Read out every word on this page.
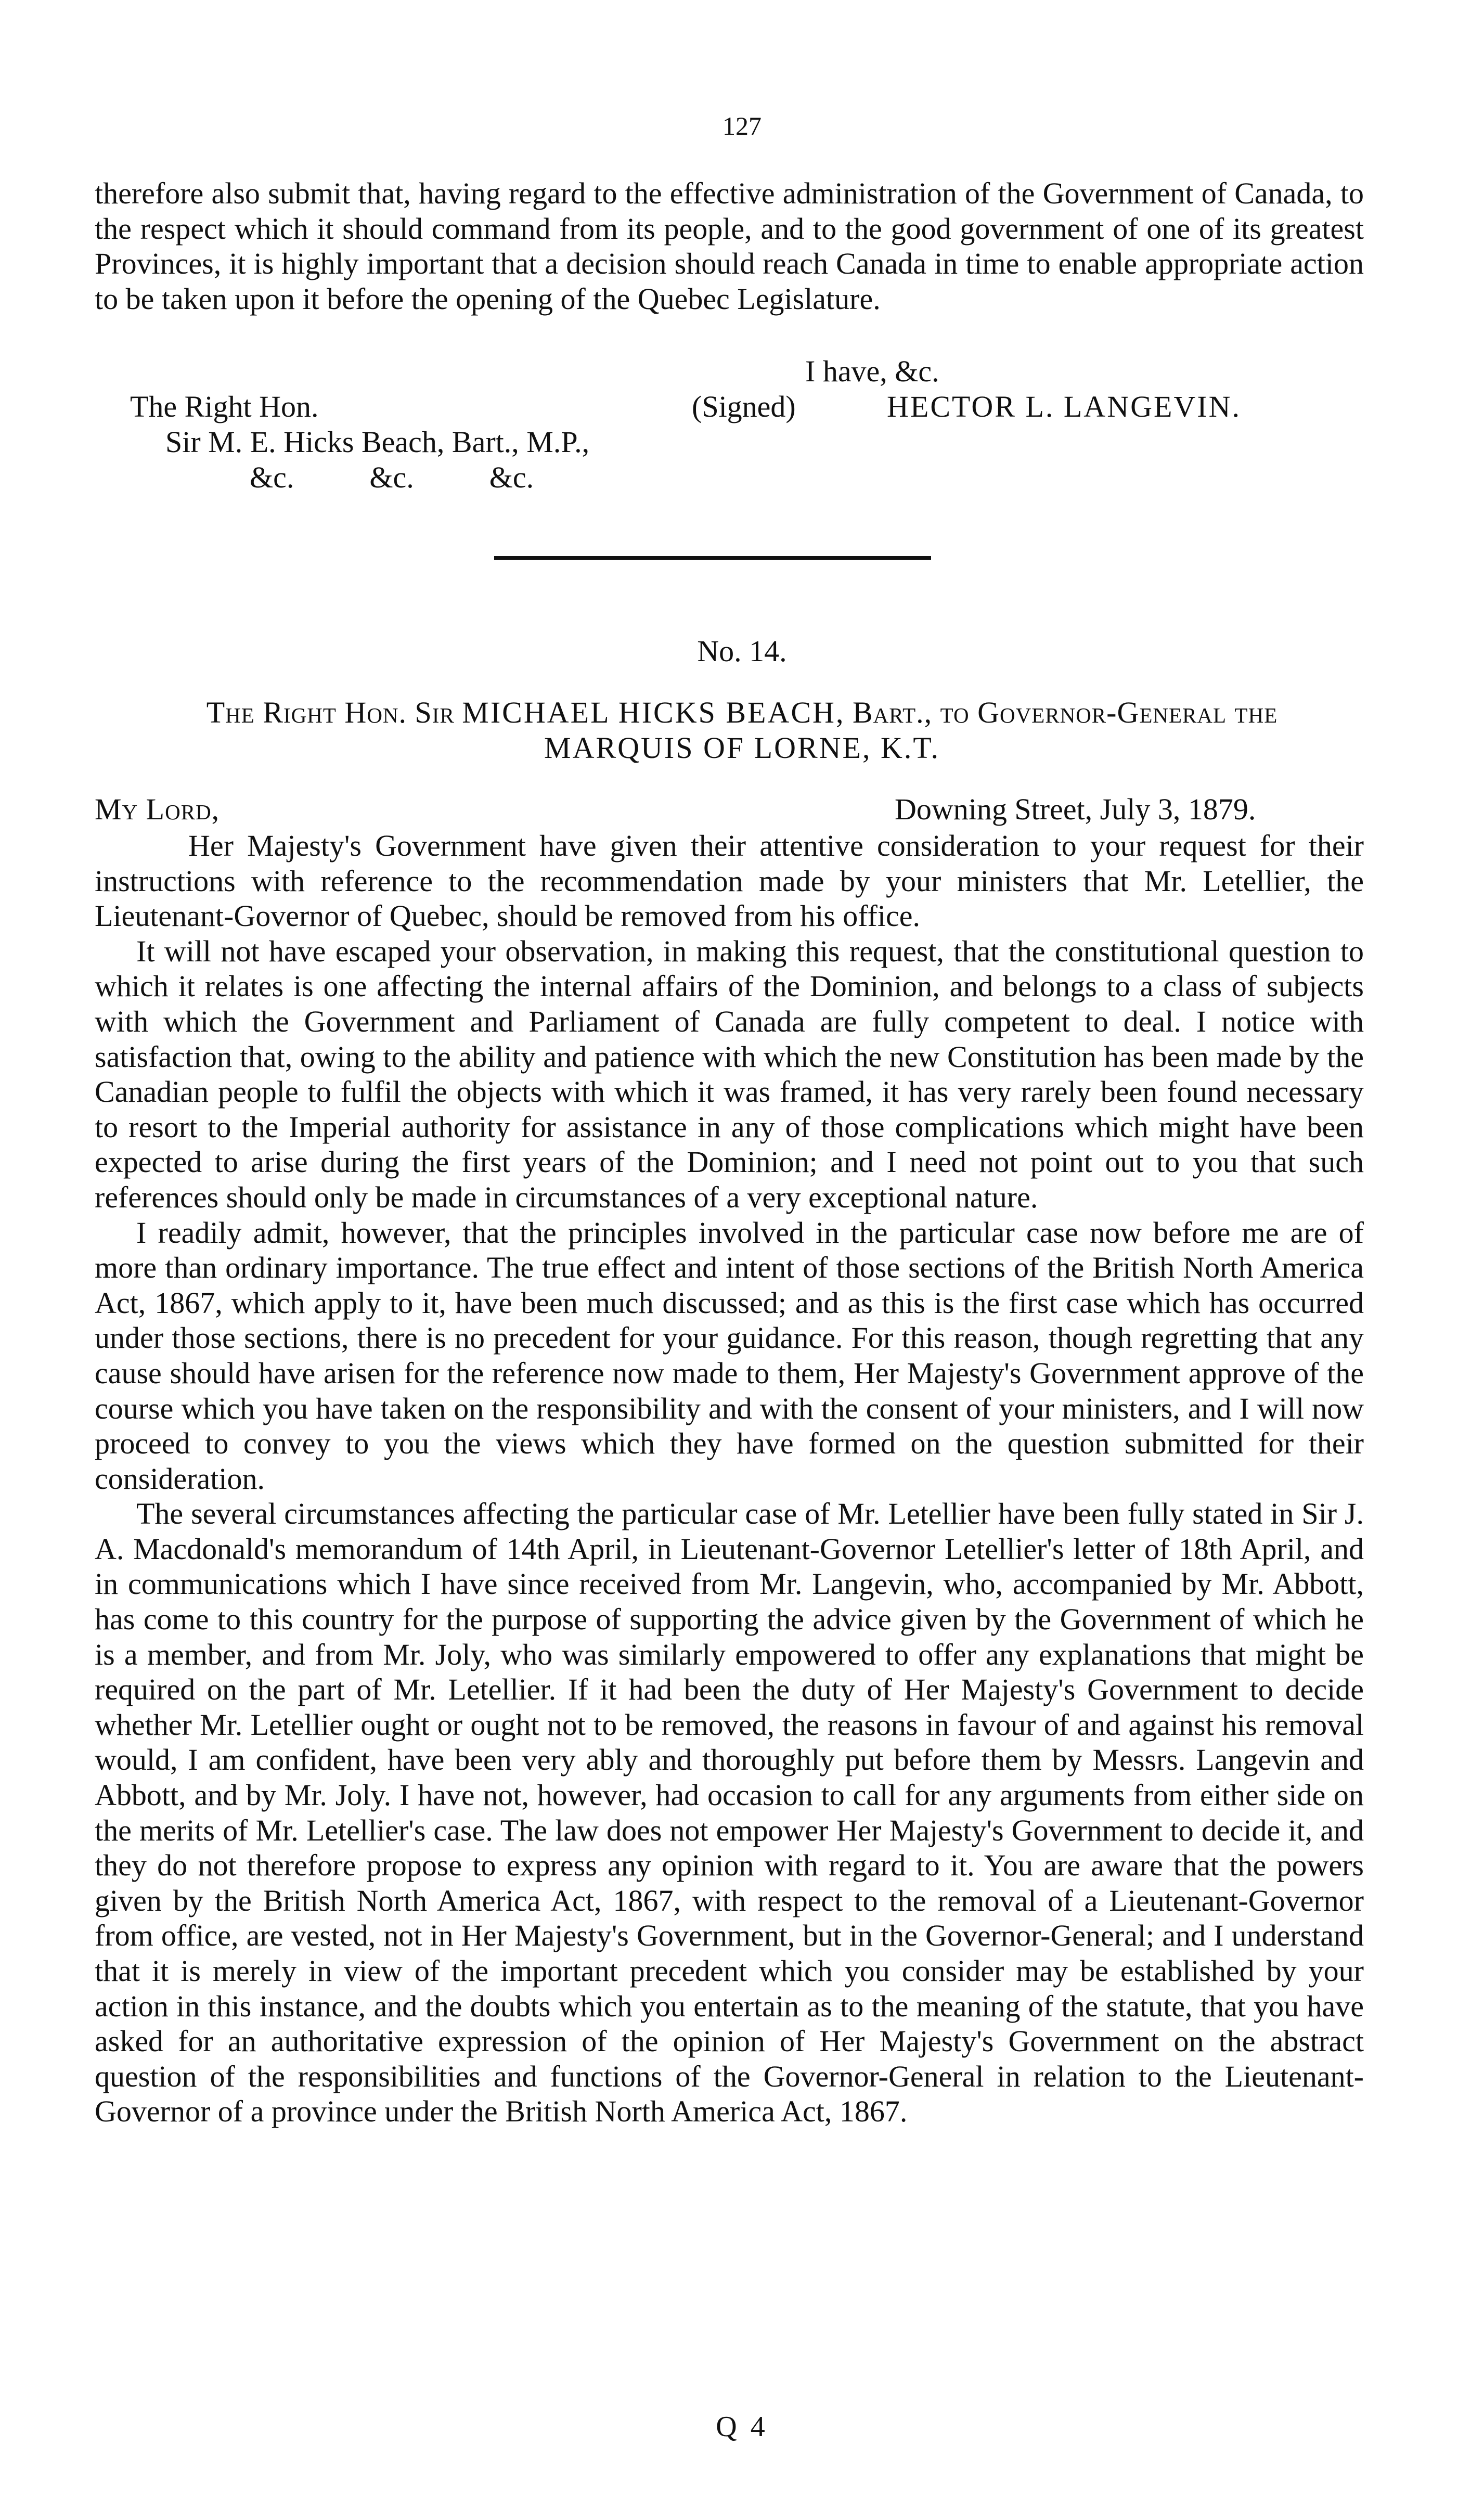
127

therefore also submit that, having regard to the effective administration of the Government of Canada, to the respect which it should command from its people, and to the good government of one of its greatest Provinces, it is highly important that a decision should reach Canada in time to enable appropriate action to be taken upon it before the opening of the Quebec Legislature.

I have, &c.
The Right Hon.	(Signed)	HECTOR L. LANGEVIN.
Sir M. E. Hicks Beach, Bart., M.P.,
&c.          &c.          &c.
No. 14.
The Right Hon. Sir MICHAEL HICKS BEACH, Bart., to Governor-General the
MARQUIS OF LORNE, K.T.
My Lord,	Downing Street, July 3, 1879.

Her Majesty's Government have given their attentive consideration to your request for their instructions with reference to the recommendation made by your ministers that Mr. Letellier, the Lieutenant-Governor of Quebec, should be removed from his office.

It will not have escaped your observation, in making this request, that the constitutional question to which it relates is one affecting the internal affairs of the Dominion, and belongs to a class of subjects with which the Government and Parliament of Canada are fully competent to deal. I notice with satisfaction that, owing to the ability and patience with which the new Constitution has been made by the Canadian people to fulfil the objects with which it was framed, it has very rarely been found necessary to resort to the Imperial authority for assistance in any of those complications which might have been expected to arise during the first years of the Dominion; and I need not point out to you that such references should only be made in circumstances of a very exceptional nature.

I readily admit, however, that the principles involved in the particular case now before me are of more than ordinary importance. The true effect and intent of those sections of the British North America Act, 1867, which apply to it, have been much discussed; and as this is the first case which has occurred under those sections, there is no precedent for your guidance. For this reason, though regretting that any cause should have arisen for the reference now made to them, Her Majesty's Government approve of the course which you have taken on the responsibility and with the consent of your ministers, and I will now proceed to convey to you the views which they have formed on the question submitted for their consideration.

The several circumstances affecting the particular case of Mr. Letellier have been fully stated in Sir J. A. Macdonald's memorandum of 14th April, in Lieutenant-Governor Letellier's letter of 18th April, and in communications which I have since received from Mr. Langevin, who, accompanied by Mr. Abbott, has come to this country for the purpose of supporting the advice given by the Government of which he is a member, and from Mr. Joly, who was similarly empowered to offer any explanations that might be required on the part of Mr. Letellier. If it had been the duty of Her Majesty's Government to decide whether Mr. Letellier ought or ought not to be removed, the reasons in favour of and against his removal would, I am confident, have been very ably and thoroughly put before them by Messrs. Langevin and Abbott, and by Mr. Joly. I have not, however, had occasion to call for any arguments from either side on the merits of Mr. Letellier's case. The law does not empower Her Majesty's Government to decide it, and they do not therefore propose to express any opinion with regard to it. You are aware that the powers given by the British North America Act, 1867, with respect to the removal of a Lieutenant-Governor from office, are vested, not in Her Majesty's Government, but in the Governor-General; and I understand that it is merely in view of the important precedent which you consider may be established by your action in this instance, and the doubts which you entertain as to the meaning of the statute, that you have asked for an authoritative expression of the opinion of Her Majesty's Government on the abstract question of the responsibilities and functions of the Governor-General in relation to the Lieutenant-Governor of a province under the British North America Act, 1867.

Q 4
